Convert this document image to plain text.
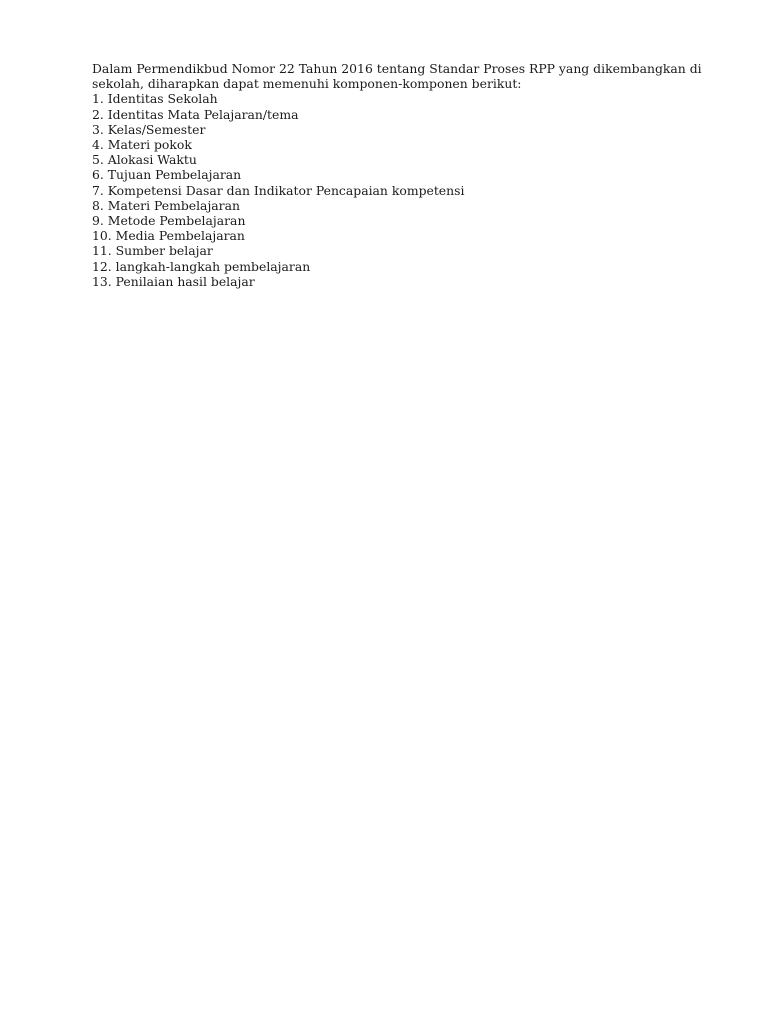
Dalam Permendikbud Nomor 22 Tahun 2016 tentang Standar Proses RPP yang dikembangkan di
sekolah, diharapkan dapat memenuhi komponen-komponen berikut:

1. Identitas Sekolah
2. Identitas Mata Pelajaran/tema
3. Kelas/Semester
4. Materi pokok
5. Alokasi Waktu
6. Tujuan Pembelajaran
7. Kompetensi Dasar dan Indikator Pencapaian kompetensi
8. Materi Pembelajaran
9. Metode Pembelajaran
10. Media Pembelajaran
11. Sumber belajar
12. langkah-langkah pembelajaran
13. Penilaian hasil belajar
